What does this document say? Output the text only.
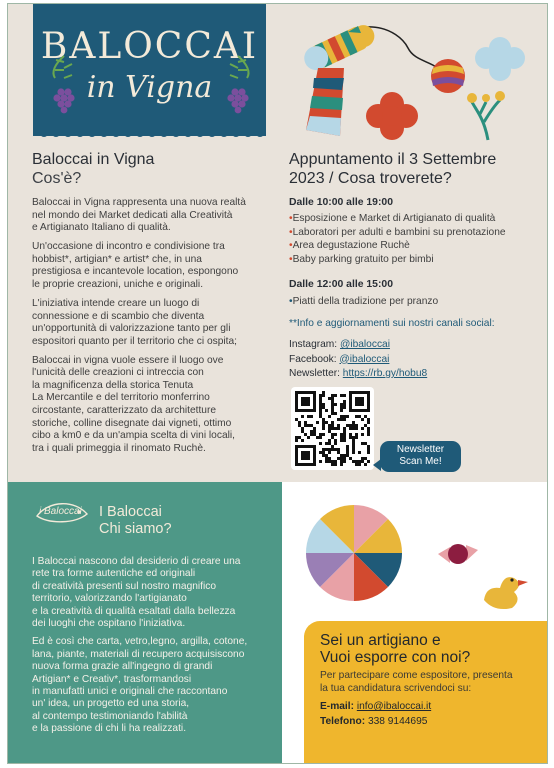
BALOCCAI
in Vigna
Baloccai in Vigna
Cos'è?

Baloccai in Vigna rappresenta una nuova realtà
nel mondo dei Market dedicati alla Creatività
e Artigianato Italiano di qualità.

Un'occasione di incontro e condivisione tra
hobbist*, artigian* e artist* che, in una
prestigiosa e incantevole location, espongono
le proprie creazioni, uniche e originali.

L'iniziativa intende creare un luogo di
connessione e di scambio che diventa
un'opportunità di valorizzazione tanto per gli
espositori quanto per il territorio che ci ospita;

Baloccai in vigna vuole essere il luogo ove
l'unicità delle creazioni ci intreccia con
la magnificenza della storica Tenuta
La Mercantile e del territorio monferrino
circostante, caratterizzato da architetture
storiche, colline disegnate dai vigneti, ottimo
cibo a km0 e da un'ampia scelta di vini locali,
tra i quali primeggia il rinomato Ruchè.

Appuntamento il 3 Settembre
2023 / Cosa troverete?
Dalle 10:00 alle 19:00
•Esposizione e Market di Artigianato di qualità
•Laboratori per adulti e bambini su prenotazione
•Area degustazione Ruchè
•Baby parking gratuito per bimbi
Dalle 12:00 alle 15:00
•Piatti della tradizione per pranzo
**Info e aggiornamenti sui nostri canali social:
Instagram: @ibaloccai
Facebook: @ibaloccai
Newsletter: https://rb.gy/hobu8
Newsletter
Scan Me!
i Baloccai I Baloccai
Chi siamo?

I Baloccai nascono dal desiderio di creare una
rete tra forme autentiche ed originali
di creatività presenti sul nostro magnifico
territorio, valorizzando l'artigianato
e la creatività di qualità esaltati dalla bellezza
dei luoghi che ospitano l'iniziativa.

Ed è così che carta, vetro,legno, argilla, cotone,
lana, piante, materiali di recupero acquisiscono
nuova forma grazie all'ingegno di grandi
Artigian* e Creativ*, trasformandosi
in manufatti unici e originali che raccontano
un' idea, un progetto ed una storia,
al contempo testimoniando l'abilità
e la passione di chi li ha realizzati.

Sei un artigiano e
Vuoi esporre con noi?
Per partecipare come espositore, presenta
la tua candidatura scrivendoci su:
E-mail: info@ibaloccai.it
Telefono: 338 9144695
